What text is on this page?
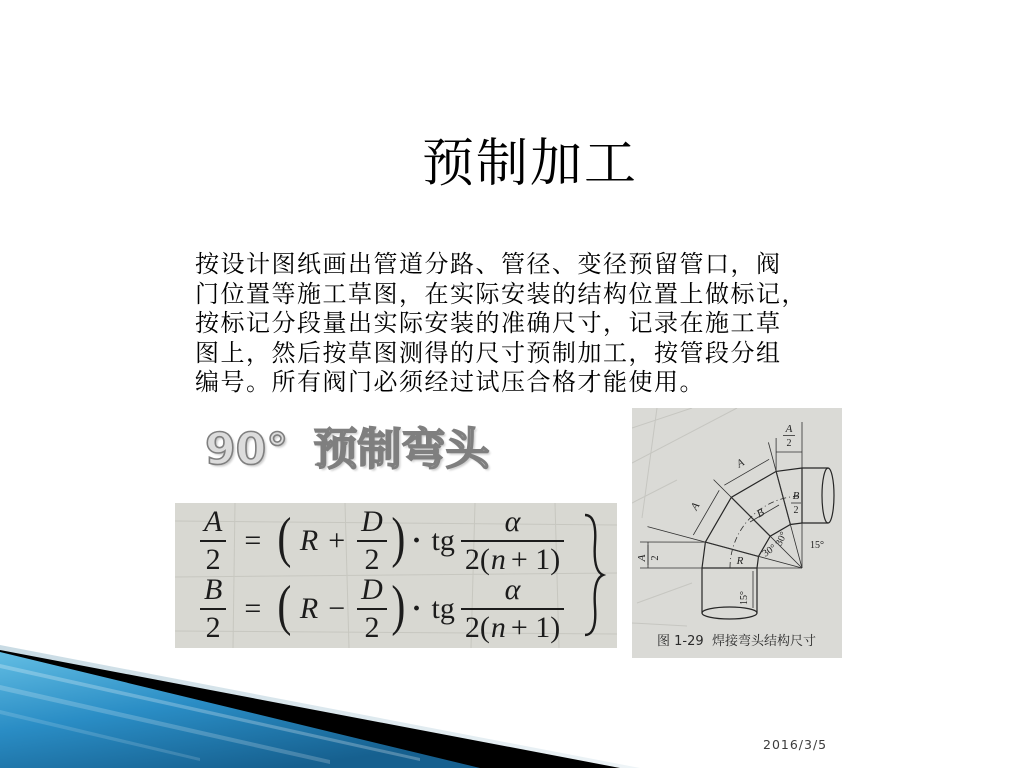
预制加工
按设计图纸画出管道分路、管径、变径预留管口，阀
门位置等施工草图，在实际安装的结构位置上做标记，
按标记分段量出实际安装的准确尺寸，记录在施工草
图上，然后按草图测得的尺寸预制加工，按管段分组
编号。所有阀门必须经过试压合格才能使用。
90° 预制弯头
$\frac{A}{2}$ = ( $R + \frac{D}{2}$ ) · tg $\frac{\alpha}{2(n + 1)}$
$\frac{B}{2}$ = ( $R - \frac{D}{2}$ ) · tg $\frac{\alpha}{2(n + 1)}$
A
2
A
A
A 2
B
2
B
15°
30°
30°
R
15°
图 1-29 焊接弯头结构尺寸
2016/3/5
